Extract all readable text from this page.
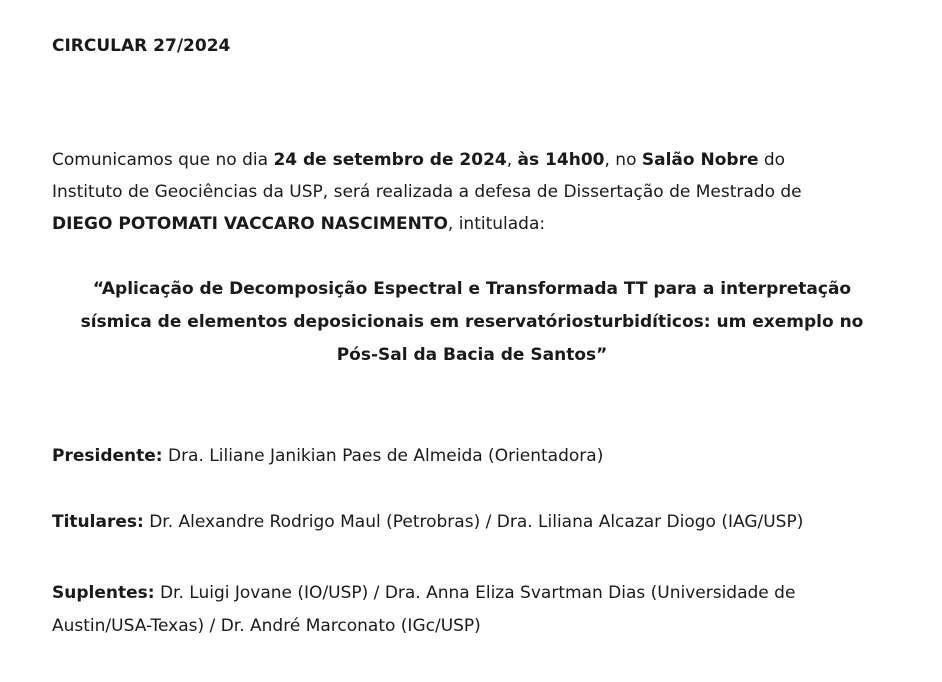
CIRCULAR 27/2024
Comunicamos que no dia 24 de setembro de 2024, às 14h00, no Salão Nobre do
Instituto de Geociências da USP, será realizada a defesa de Dissertação de Mestrado de
DIEGO POTOMATI VACCARO NASCIMENTO, intitulada:
“Aplicação de Decomposição Espectral e Transformada TT para a interpretação
sísmica de elementos deposicionais em reservatóriosturbidíticos: um exemplo no
Pós-Sal da Bacia de Santos”
Presidente: Dra. Liliane Janikian Paes de Almeida (Orientadora)
Titulares: Dr. Alexandre Rodrigo Maul (Petrobras) / Dra. Liliana Alcazar Diogo (IAG/USP)
Suplentes: Dr. Luigi Jovane (IO/USP) / Dra. Anna Eliza Svartman Dias (Universidade de
Austin/USA-Texas) / Dr. André Marconato (IGc/USP)
